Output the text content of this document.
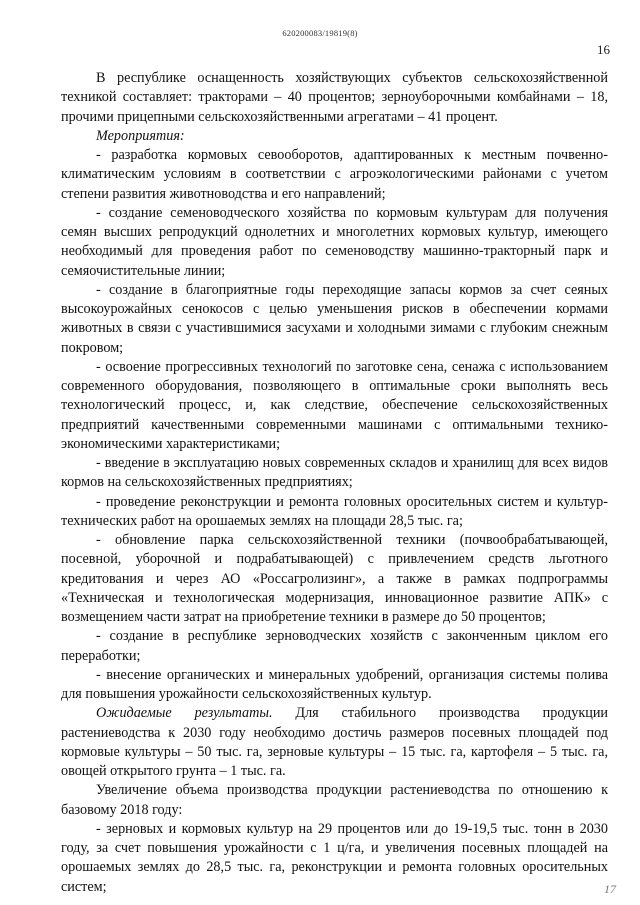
620200083/19819(8)
16

В республике оснащенность хозяйствующих субъектов сельскохозяйственной техникой составляет: тракторами – 40 процентов; зерноуборочными комбайнами – 18, прочими прицепными сельскохозяйственными агрегатами – 41 процент.

Мероприятия:

- разработка кормовых севооборотов, адаптированных к местным почвенно-климатическим условиям в соответствии с агроэкологическими районами с учетом степени развития животноводства и его направлений;

- создание семеноводческого хозяйства по кормовым культурам для получения семян высших репродукций однолетних и многолетних кормовых культур, имеющего необходимый для проведения работ по семеноводству машинно-тракторный парк и семяочистительные линии;

- создание в благоприятные годы переходящие запасы кормов за счет сеяных высокоурожайных сенокосов с целью уменьшения рисков в обеспечении кормами животных в связи с участившимися засухами и холодными зимами с глубоким снежным покровом;

- освоение прогрессивных технологий по заготовке сена, сенажа с использованием современного оборудования, позволяющего в оптимальные сроки выполнять весь технологический процесс, и, как следствие, обеспечение сельскохозяйственных предприятий качественными современными машинами с оптимальными технико-экономическими характеристиками;

- введение в эксплуатацию новых современных складов и хранилищ для всех видов кормов на сельскохозяйственных предприятиях;

- проведение реконструкции и ремонта головных оросительных систем и культур-технических работ на орошаемых землях на площади 28,5 тыс. га;

- обновление парка сельскохозяйственной техники (почвообрабатывающей, посевной, уборочной и подрабатывающей) с привлечением средств льготного кредитования и через АО «Россагролизинг», а также в рамках подпрограммы «Техническая и технологическая модернизация, инновационное развитие АПК» с возмещением части затрат на приобретение техники в размере до 50 процентов;

- создание в республике зерноводческих хозяйств с законченным циклом его переработки;

- внесение органических и минеральных удобрений, организация системы полива для повышения урожайности сельскохозяйственных культур.

Ожидаемые результаты. Для стабильного производства продукции растениеводства к 2030 году необходимо достичь размеров посевных площадей под кормовые культуры – 50 тыс. га, зерновые культуры – 15 тыс. га, картофеля – 5 тыс. га, овощей открытого грунта – 1 тыс. га.

Увеличение объема производства продукции растениеводства по отношению к базовому 2018 году:

- зерновых и кормовых культур на 29 процентов или до 19-19,5 тыс. тонн в 2030 году, за счет повышения урожайности с 1 ц/га, и увеличения посевных площадей на орошаемых землях до 28,5 тыс. га, реконструкции и ремонта головных оросительных систем;	17
